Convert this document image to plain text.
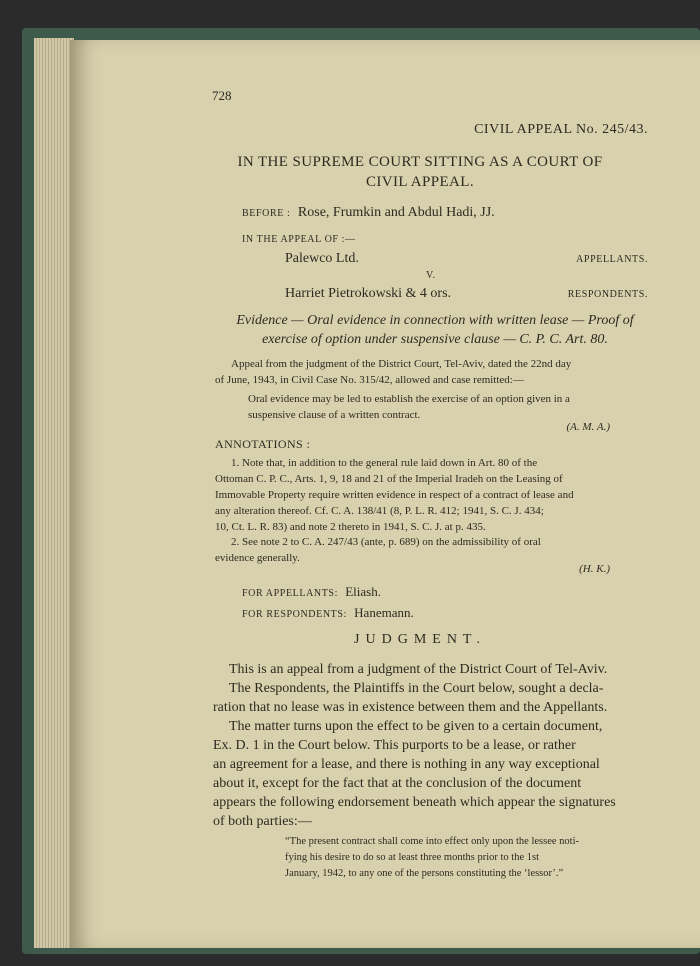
728
CIVIL APPEAL No. 245/43.
IN THE SUPREME COURT SITTING AS A COURT OF
CIVIL APPEAL.
BEFORE : Rose, Frumkin and Abdul Hadi, JJ.
IN THE APPEAL OF :—
Palewco Ltd.	APPELLANTS.
V.
Harriet Pietrokowski & 4 ors.	RESPONDENTS.
Evidence — Oral evidence in connection with written lease — Proof of
exercise of option under suspensive clause — C. P. C. Art. 80.
Appeal from the judgment of the District Court, Tel-Aviv, dated the 22nd day
of June, 1943, in Civil Case No. 315/42, allowed and case remitted:—
Oral evidence may be led to establish the exercise of an option given in a
suspensive clause of a written contract.
(A. M. A.)
ANNOTATIONS :
1. Note that, in addition to the general rule laid down in Art. 80 of the
Ottoman C. P. C., Arts. 1, 9, 18 and 21 of the Imperial Iradeh on the Leasing of
Immovable Property require written evidence in respect of a contract of lease and
any alteration thereof. Cf. C. A. 138/41 (8, P. L. R. 412; 1941, S. C. J. 434;
10, Ct. L. R. 83) and note 2 thereto in 1941, S. C. J. at p. 435.
2. See note 2 to C. A. 247/43 (ante, p. 689) on the admissibility of oral
evidence generally.
(H. K.)
FOR APPELLANTS: Eliash.
FOR RESPONDENTS: Hanemann.
JUDGMENT.
This is an appeal from a judgment of the District Court of Tel-Aviv.
The Respondents, the Plaintiffs in the Court below, sought a decla-
ration that no lease was in existence between them and the Appellants.
The matter turns upon the effect to be given to a certain document,
Ex. D. 1 in the Court below. This purports to be a lease, or rather
an agreement for a lease, and there is nothing in any way exceptional
about it, except for the fact that at the conclusion of the document
appears the following endorsement beneath which appear the signatures
of both parties:—
“The present contract shall come into effect only upon the lessee noti-
fying his desire to do so at least three months prior to the 1st
January, 1942, to any one of the persons constituting the ‘lessor’.”
